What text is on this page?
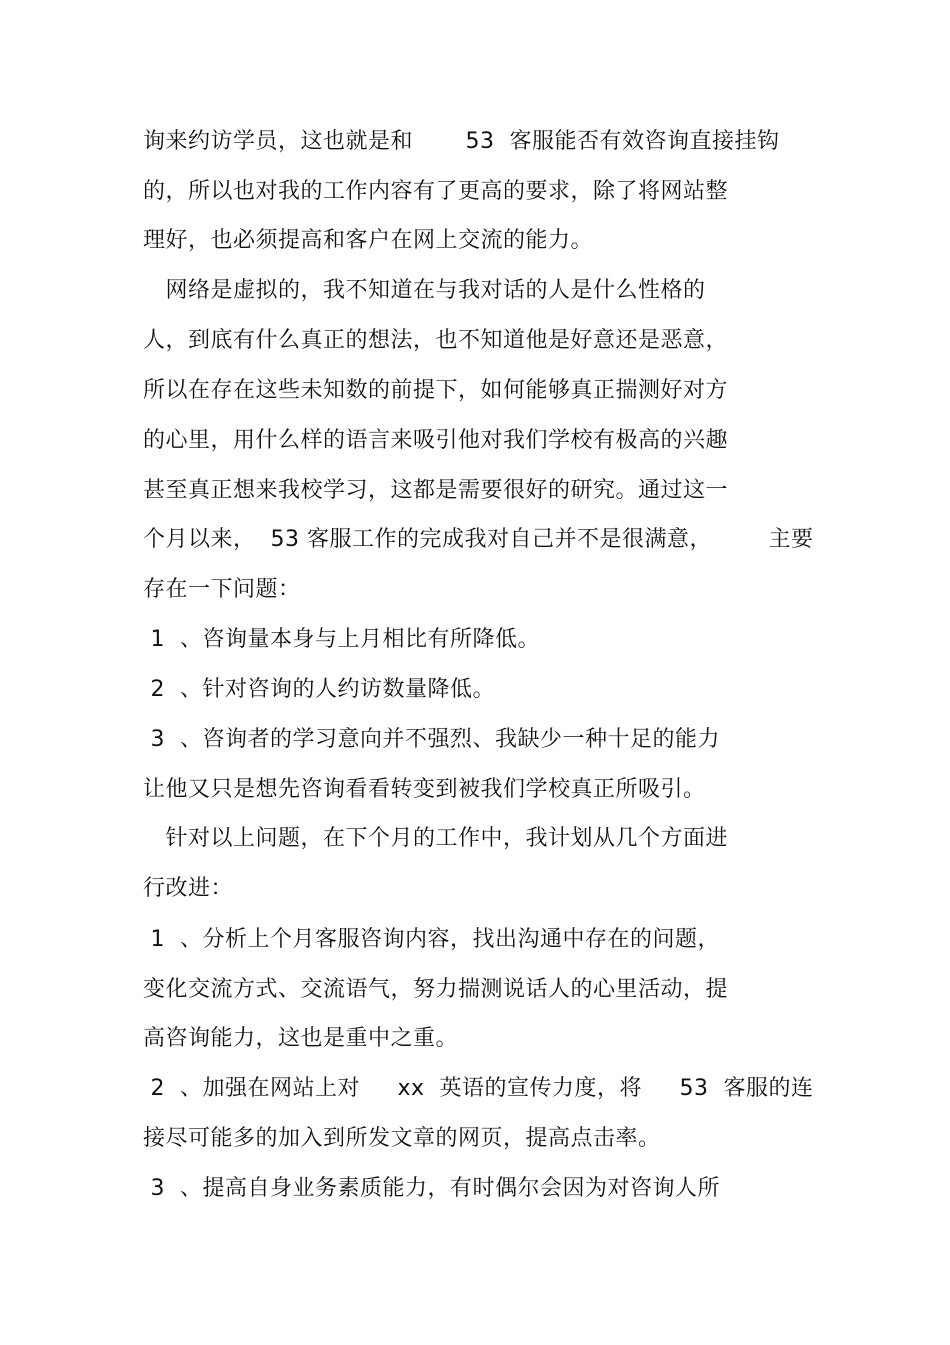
询来约访学员，这也就是和　　 53  客服能否有效咨询直接挂钩
的，所以也对我的工作内容有了更高的要求，除了将网站整
理好，也必须提高和客户在网上交流的能力。
　网络是虚拟的，我不知道在与我对话的人是什么性格的
人，到底有什么真正的想法，也不知道他是好意还是恶意，
所以在存在这些未知数的前提下，如何能够真正揣测好对方
的心里，用什么样的语言来吸引他对我们学校有极高的兴趣
甚至真正想来我校学习，这都是需要很好的研究。通过这一
个月以来，  53 客服工作的完成我对自己并不是很满意，　　　主要
存在一下问题：
1  、咨询量本身与上月相比有所降低。
2  、针对咨询的人约访数量降低。
3  、咨询者的学习意向并不强烈、我缺少一种十足的能力
让他又只是想先咨询看看转变到被我们学校真正所吸引。
　针对以上问题，在下个月的工作中，我计划从几个方面进
行改进：
1  、分析上个月客服咨询内容，找出沟通中存在的问题，
变化交流方式、交流语气，努力揣测说话人的心里活动，提
高咨询能力，这也是重中之重。
2  、加强在网站上对　  xx  英语的宣传力度，将　  53  客服的连
接尽可能多的加入到所发文章的网页，提高点击率。
3  、提高自身业务素质能力，有时偶尔会因为对咨询人所
